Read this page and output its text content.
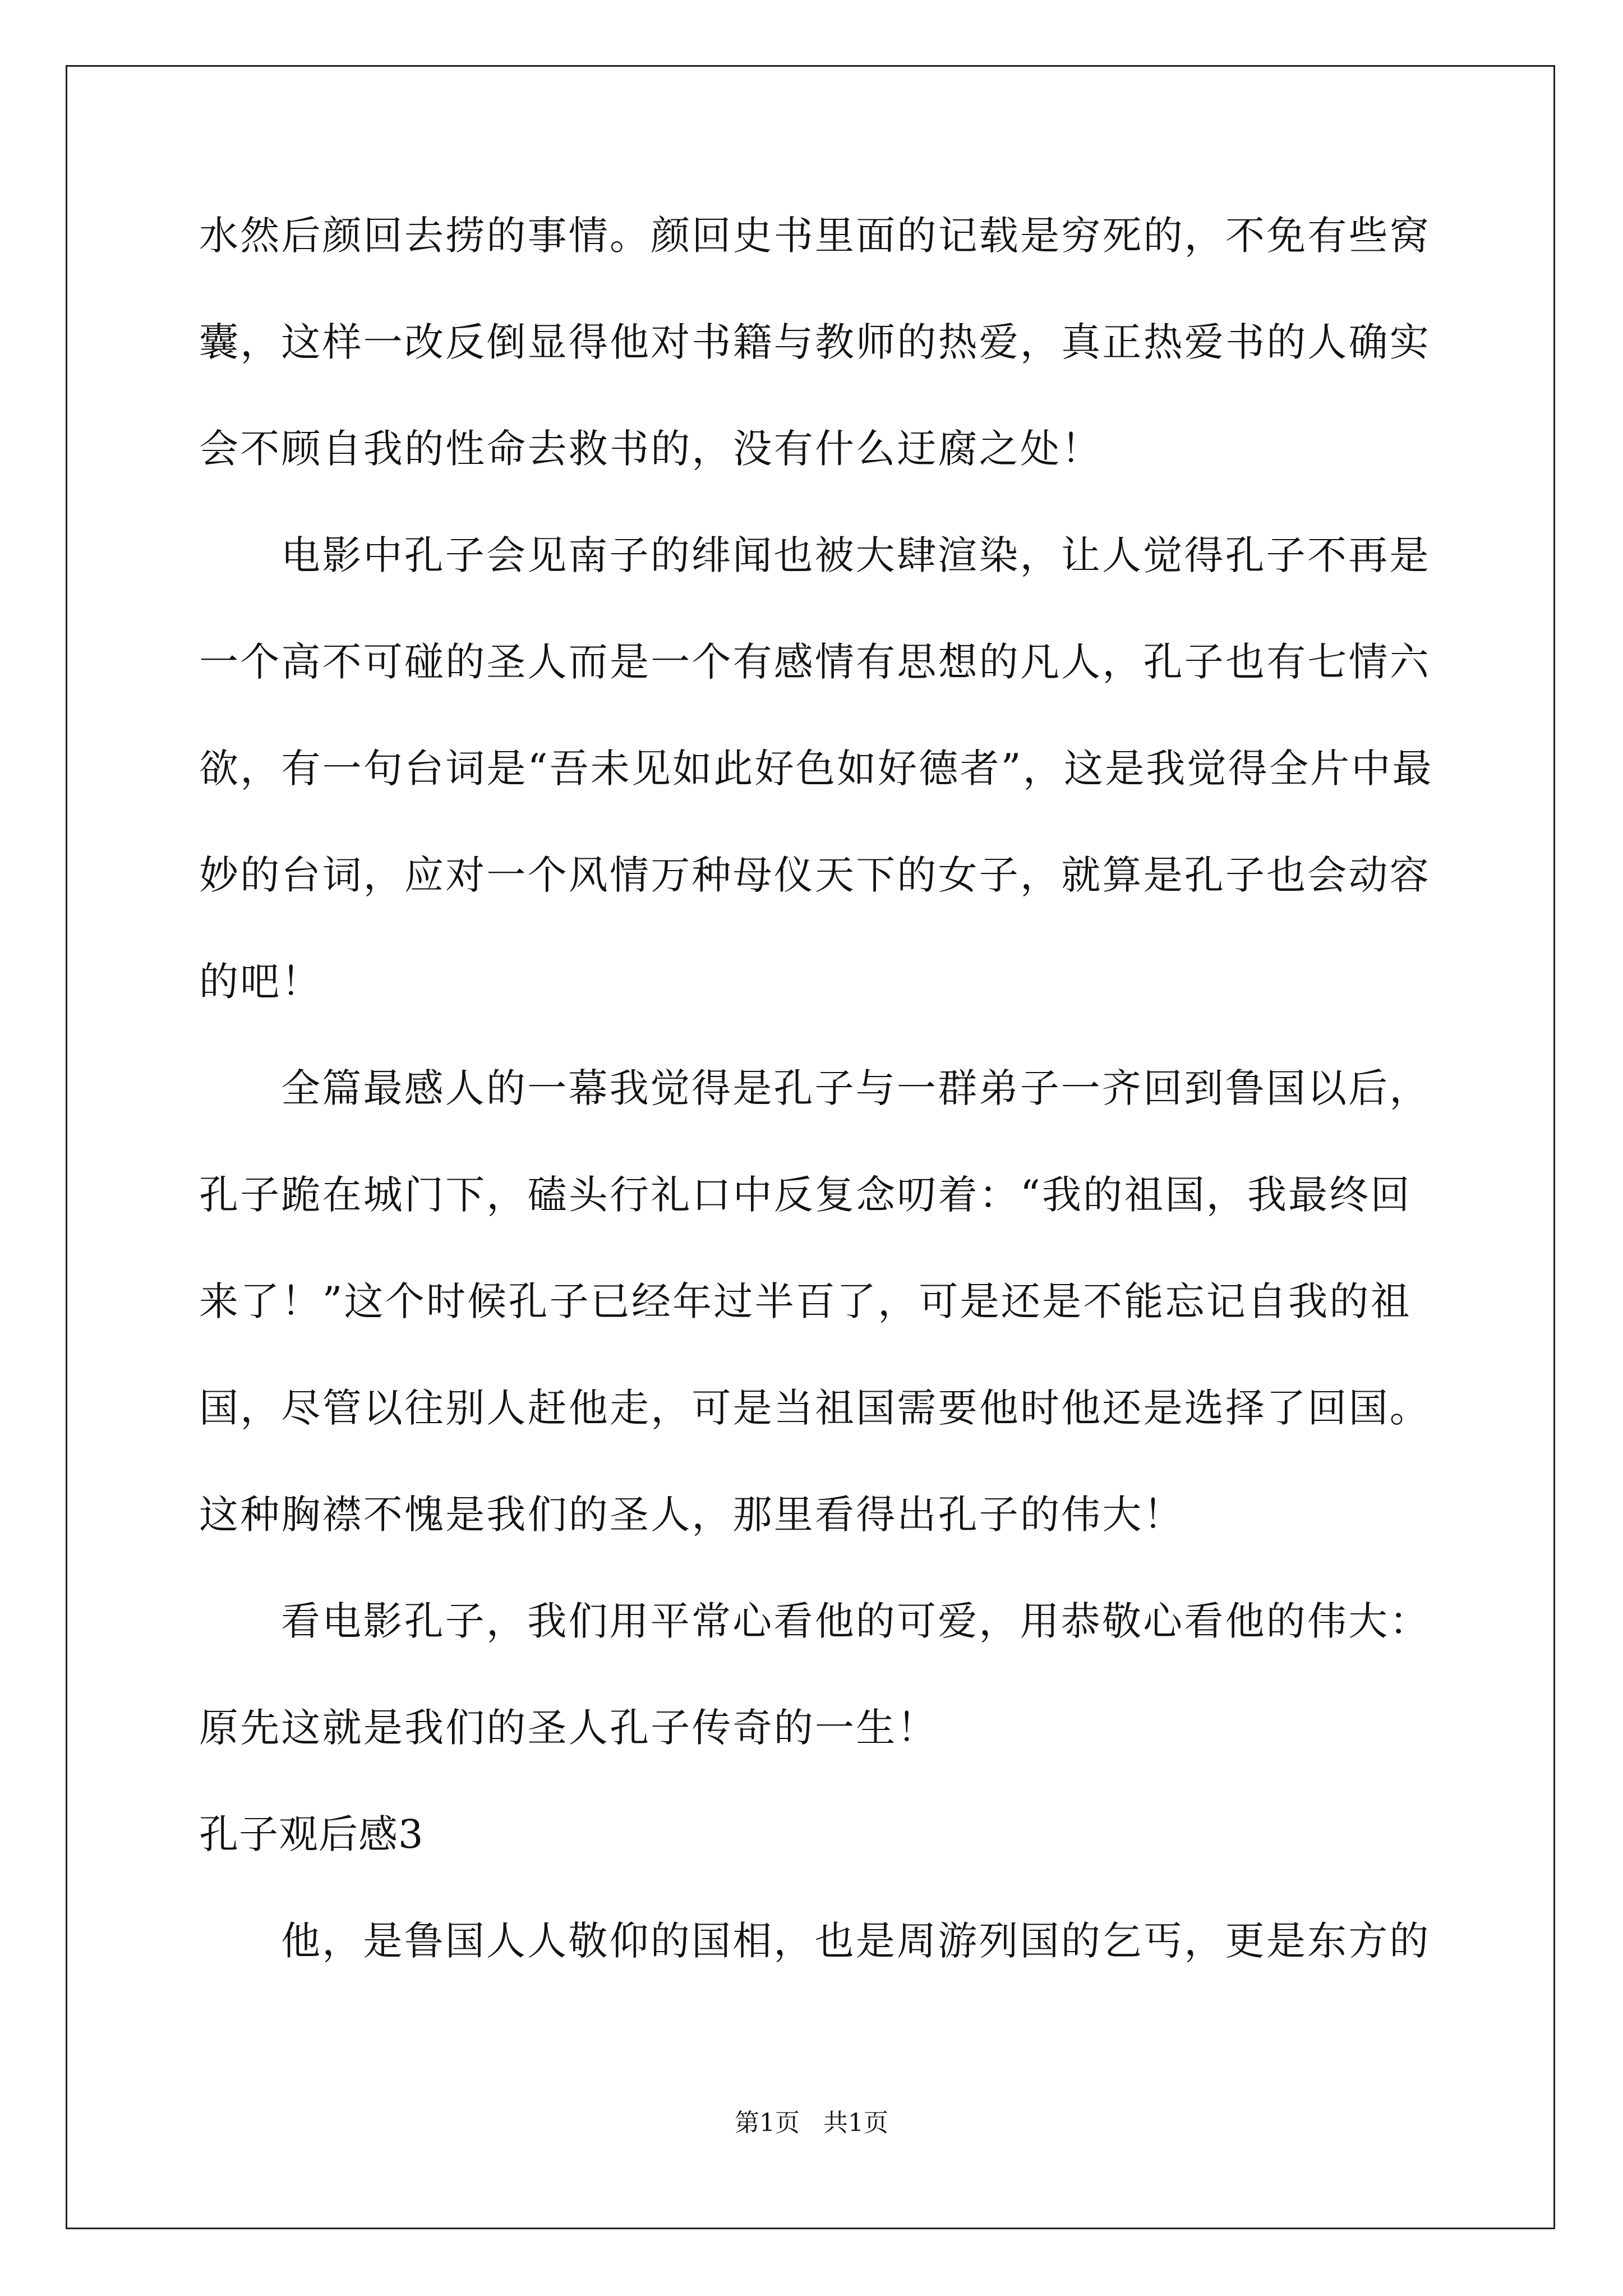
水然后颜回去捞的事情。颜回史书里面的记载是穷死的，不免有些窝
囊，这样一改反倒显得他对书籍与教师的热爱，真正热爱书的人确实
会不顾自我的性命去救书的，没有什么迂腐之处！
电影中孔子会见南子的绯闻也被大肆渲染，让人觉得孔子不再是
一个高不可碰的圣人而是一个有感情有思想的凡人，孔子也有七情六
欲，有一句台词是“吾未见如此好色如好德者”，这是我觉得全片中最
妙的台词，应对一个风情万种母仪天下的女子，就算是孔子也会动容
的吧！
全篇最感人的一幕我觉得是孔子与一群弟子一齐回到鲁国以后，
孔子跪在城门下，磕头行礼口中反复念叨着：“我的祖国，我最终回
来了！”这个时候孔子已经年过半百了，可是还是不能忘记自我的祖
国，尽管以往别人赶他走，可是当祖国需要他时他还是选择了回国。
这种胸襟不愧是我们的圣人，那里看得出孔子的伟大！
看电影孔子，我们用平常心看他的可爱，用恭敬心看他的伟大：
原先这就是我们的圣人孔子传奇的一生！
孔子观后感3
他，是鲁国人人敬仰的国相，也是周游列国的乞丐，更是东方的
第1页   共1页
